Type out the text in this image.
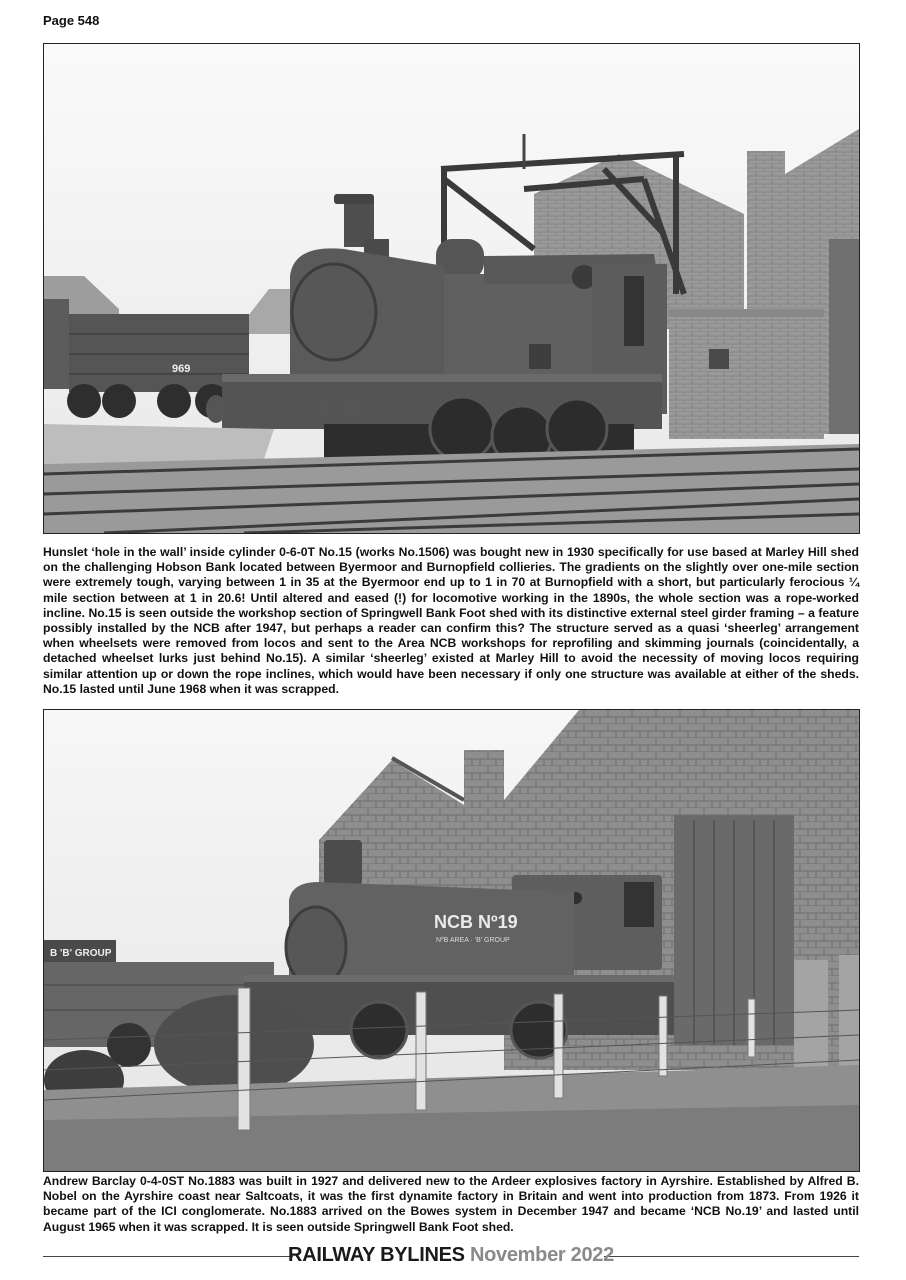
Page 548
969
Hunslet ‘hole in the wall’ inside cylinder 0-6-0T No.15 (works No.1506) was bought new in 1930 specifically for use based at Marley Hill shed on the challenging Hobson Bank located between Byermoor and Burnopfield collieries. The gradients on the slightly over one-mile section were extremely tough, varying between 1 in 35 at the Byermoor end up to 1 in 70 at Burnopfield with a short, but particularly ferocious ¼ mile section between at 1 in 20.6! Until altered and eased (!) for locomotive working in the 1890s, the whole section was a rope-worked incline. No.15 is seen outside the workshop section of Springwell Bank Foot shed with its distinctive external steel girder framing – a feature possibly installed by the NCB after 1947, but perhaps a reader can confirm this? The structure served as a quasi ‘sheerleg’ arrangement when wheelsets were removed from locos and sent to the Area NCB workshops for reprofiling and skimming journals (coincidentally, a detached wheelset lurks just behind No.15). A similar ‘sheerleg’ existed at Marley Hill to avoid the necessity of moving locos requiring similar attention up or down the rope inclines, which would have been necessary if only one structure was available at either of the sheds. No.15 lasted until June 1968 when it was scrapped.
B 'B' GROUP
NCB Nº19
NºB AREA · 'B' GROUP
Andrew Barclay 0-4-0ST No.1883 was built in 1927 and delivered new to the Ardeer explosives factory in Ayrshire. Established by Alfred B. Nobel on the Ayrshire coast near Saltcoats, it was the first dynamite factory in Britain and went into production from 1873. From 1926 it became part of the ICI conglomerate. No.1883 arrived on the Bowes system in December 1947 and became ‘NCB No.19’ and lasted until August 1965 when it was scrapped. It is seen outside Springwell Bank Foot shed.
RAILWAY BYLINES November 2022
